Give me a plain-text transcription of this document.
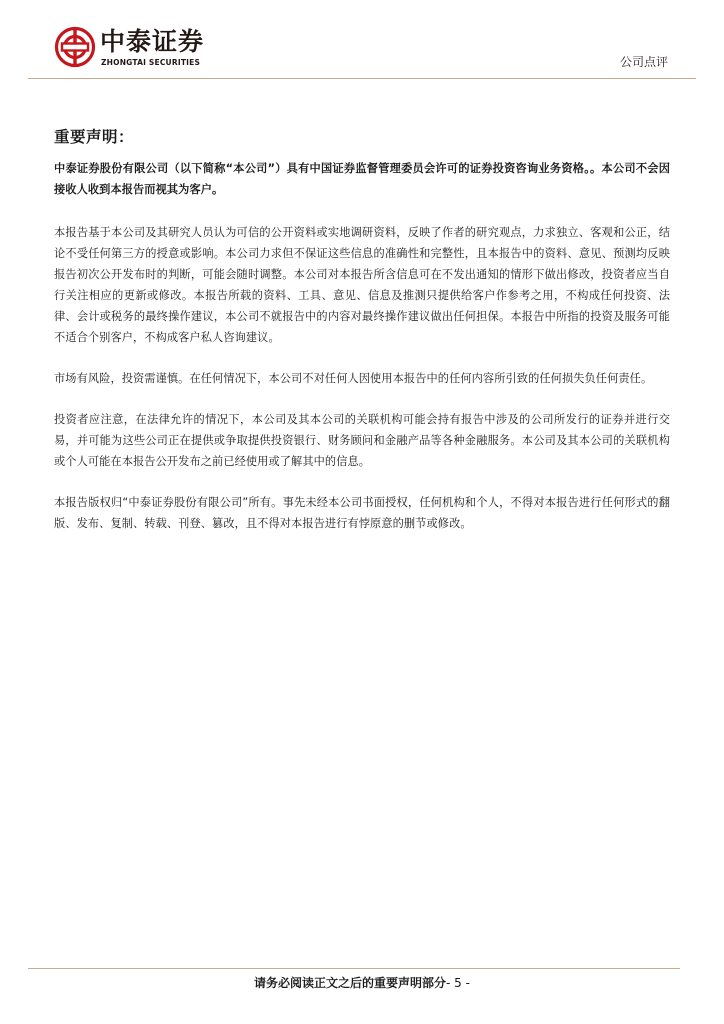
中泰证券
ZHONGTAI SECURITIES	公司点评
重要声明：
中泰证券股份有限公司（以下简称“本公司”）具有中国证券监督管理委员会许可的证券投资咨询业务资格。。本公司不会因接收人收到本报告而视其为客户。
本报告基于本公司及其研究人员认为可信的公开资料或实地调研资料，反映了作者的研究观点，力求独立、客观和公正，结论不受任何第三方的授意或影响。本公司力求但不保证这些信息的准确性和完整性，且本报告中的资料、意见、预测均反映报告初次公开发布时的判断，可能会随时调整。本公司对本报告所含信息可在不发出通知的情形下做出修改，投资者应当自行关注相应的更新或修改。本报告所载的资料、工具、意见、信息及推测只提供给客户作参考之用，不构成任何投资、法律、会计或税务的最终操作建议，本公司不就报告中的内容对最终操作建议做出任何担保。本报告中所指的投资及服务可能不适合个别客户，不构成客户私人咨询建议。
市场有风险，投资需谨慎。在任何情况下，本公司不对任何人因使用本报告中的任何内容所引致的任何损失负任何责任。
投资者应注意，在法律允许的情况下，本公司及其本公司的关联机构可能会持有报告中涉及的公司所发行的证券并进行交易，并可能为这些公司正在提供或争取提供投资银行、财务顾问和金融产品等各种金融服务。本公司及其本公司的关联机构或个人可能在本报告公开发布之前已经使用或了解其中的信息。
本报告版权归“中泰证券股份有限公司”所有。事先未经本公司书面授权，任何机构和个人，不得对本报告进行任何形式的翻版、发布、复制、转载、刊登、篡改，且不得对本报告进行有悖原意的删节或修改。
请务必阅读正文之后的重要声明部分- 5 -
